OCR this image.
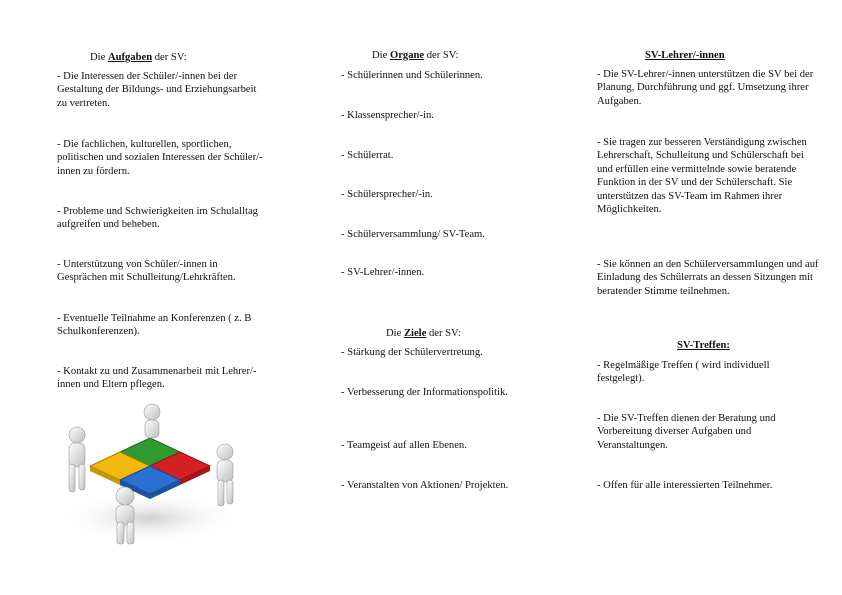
Die Aufgaben der SV:

- Die Interessen der Schüler/-innen bei der Gestaltung der Bildungs- und Erziehungsarbeit zu vertreten.

- Die fachlichen, kulturellen, sportlichen, politischen und sozialen Interessen der Schüler/-innen zu fördern.

- Probleme und Schwierigkeiten im Schulalltag aufgreifen und beheben.

- Unterstützung von Schüler/-innen in Gesprächen mit Schulleitung/Lehrkräften.

- Eventuelle Teilnahme an Konferenzen ( z. B Schulkonferenzen).

- Kontakt zu und Zusammenarbeit mit Lehrer/-innen und Eltern pflegen.

Die Organe der SV:

- Schülerinnen und Schülerinnen.

- Klassensprecher/-in.

- Schülerrat.

- Schülersprecher/-in.

- Schülerversammlung/ SV-Team.

- SV-Lehrer/-innen.

Die Ziele der SV:

- Stärkung der Schülervertretung.

- Verbesserung der Informationspolitik.

- Teamgeist auf allen Ebenen.

- Veranstalten von Aktionen/ Projekten.

SV-Lehrer/-innen

- Die SV-Lehrer/-innen unterstützen die SV bei der Planung, Durchführung und ggf. Umsetzung ihrer Aufgaben.

- Sie tragen zur besseren Verständigung zwischen Lehrerschaft, Schulleitung und Schülerschaft bei und erfüllen eine vermittelnde sowie beratende Funktion in der SV und der Schülerschaft. Sie unterstützen das SV-Team im Rahmen ihrer Möglichkeiten.

- Sie können an den Schülerversammlungen und auf Einladung des Schülerrats an dessen Sitzungen mit beratender Stimme teilnehmen.

SV-Treffen:

- Regelmäßige Treffen ( wird individuell festgelegt).

- Die SV-Treffen dienen der Beratung und Vorbereitung diverser Aufgaben und Veranstaltungen.

- Offen für alle interessierten Teilnehmer.
